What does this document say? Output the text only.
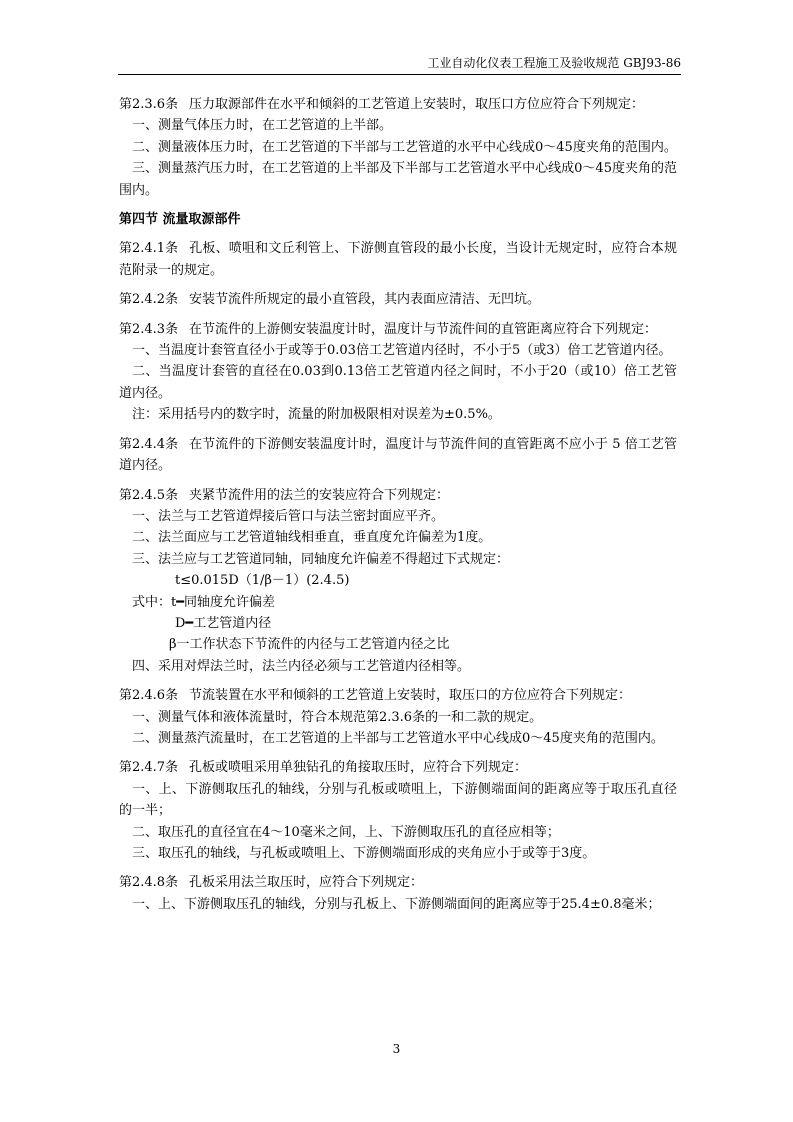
工业自动化仪表工程施工及验收规范 GBJ93-86

第2.3.6条 压力取源部件在水平和倾斜的工艺管道上安装时，取压口方位应符合下列规定：

一、测量气体压力时，在工艺管道的上半部。

二、测量液体压力时，在工艺管道的下半部与工艺管道的水平中心线成0～45度夹角的范围内。

三、测量蒸汽压力时，在工艺管道的上半部及下半部与工艺管道水平中心线成0～45度夹角的范围内。

第四节 流量取源部件

第2.4.1条 孔板、喷咀和文丘利管上、下游侧直管段的最小长度，当设计无规定时，应符合本规范附录一的规定。

第2.4.2条 安装节流件所规定的最小直管段，其内表面应清洁、无凹坑。

第2.4.3条 在节流件的上游侧安装温度计时，温度计与节流件间的直管距离应符合下列规定：

一、当温度计套管直径小于或等于0.03倍工艺管道内径时，不小于5（或3）倍工艺管道内径。

二、当温度计套管的直径在0.03到0.13倍工艺管道内径之间时，不小于20（或10）倍工艺管道内径。

注：采用括号内的数字时，流量的附加极限相对误差为±0.5%。

第2.4.4条 在节流件的下游侧安装温度计时，温度计与节流件间的直管距离不应小于 5 倍工艺管道内径。

第2.4.5条 夹紧节流件用的法兰的安装应符合下列规定：

一、法兰与工艺管道焊接后管口与法兰密封面应平齐。

二、法兰面应与工艺管道轴线相垂直，垂直度允许偏差为1度。

三、法兰应与工艺管道同轴，同轴度允许偏差不得超过下式规定：

t≤0.015D（1/β－1）(2.4.5)

式中：t━同轴度允许偏差

D━工艺管道内径

β一工作状态下节流件的内径与工艺管道内径之比

四、采用对焊法兰时，法兰内径必须与工艺管道内径相等。

第2.4.6条 节流装置在水平和倾斜的工艺管道上安装时，取压口的方位应符合下列规定：

一、测量气体和液体流量时，符合本规范第2.3.6条的一和二款的规定。

二、测量蒸汽流量时，在工艺管道的上半部与工艺管道水平中心线成0～45度夹角的范围内。

第2.4.7条 孔板或喷咀采用单独钻孔的角接取压时，应符合下列规定：

一、上、下游侧取压孔的轴线，分别与孔板或喷咀上，下游侧端面间的距离应等于取压孔直径的一半；

二、取压孔的直径宜在4～10毫米之间，上、下游侧取压孔的直径应相等；

三、取压孔的轴线，与孔板或喷咀上、下游侧端面形成的夹角应小于或等于3度。

第2.4.8条 孔板采用法兰取压时，应符合下列规定：

一、上、下游侧取压孔的轴线，分别与孔板上、下游侧端面间的距离应等于25.4±0.8毫米；

3
